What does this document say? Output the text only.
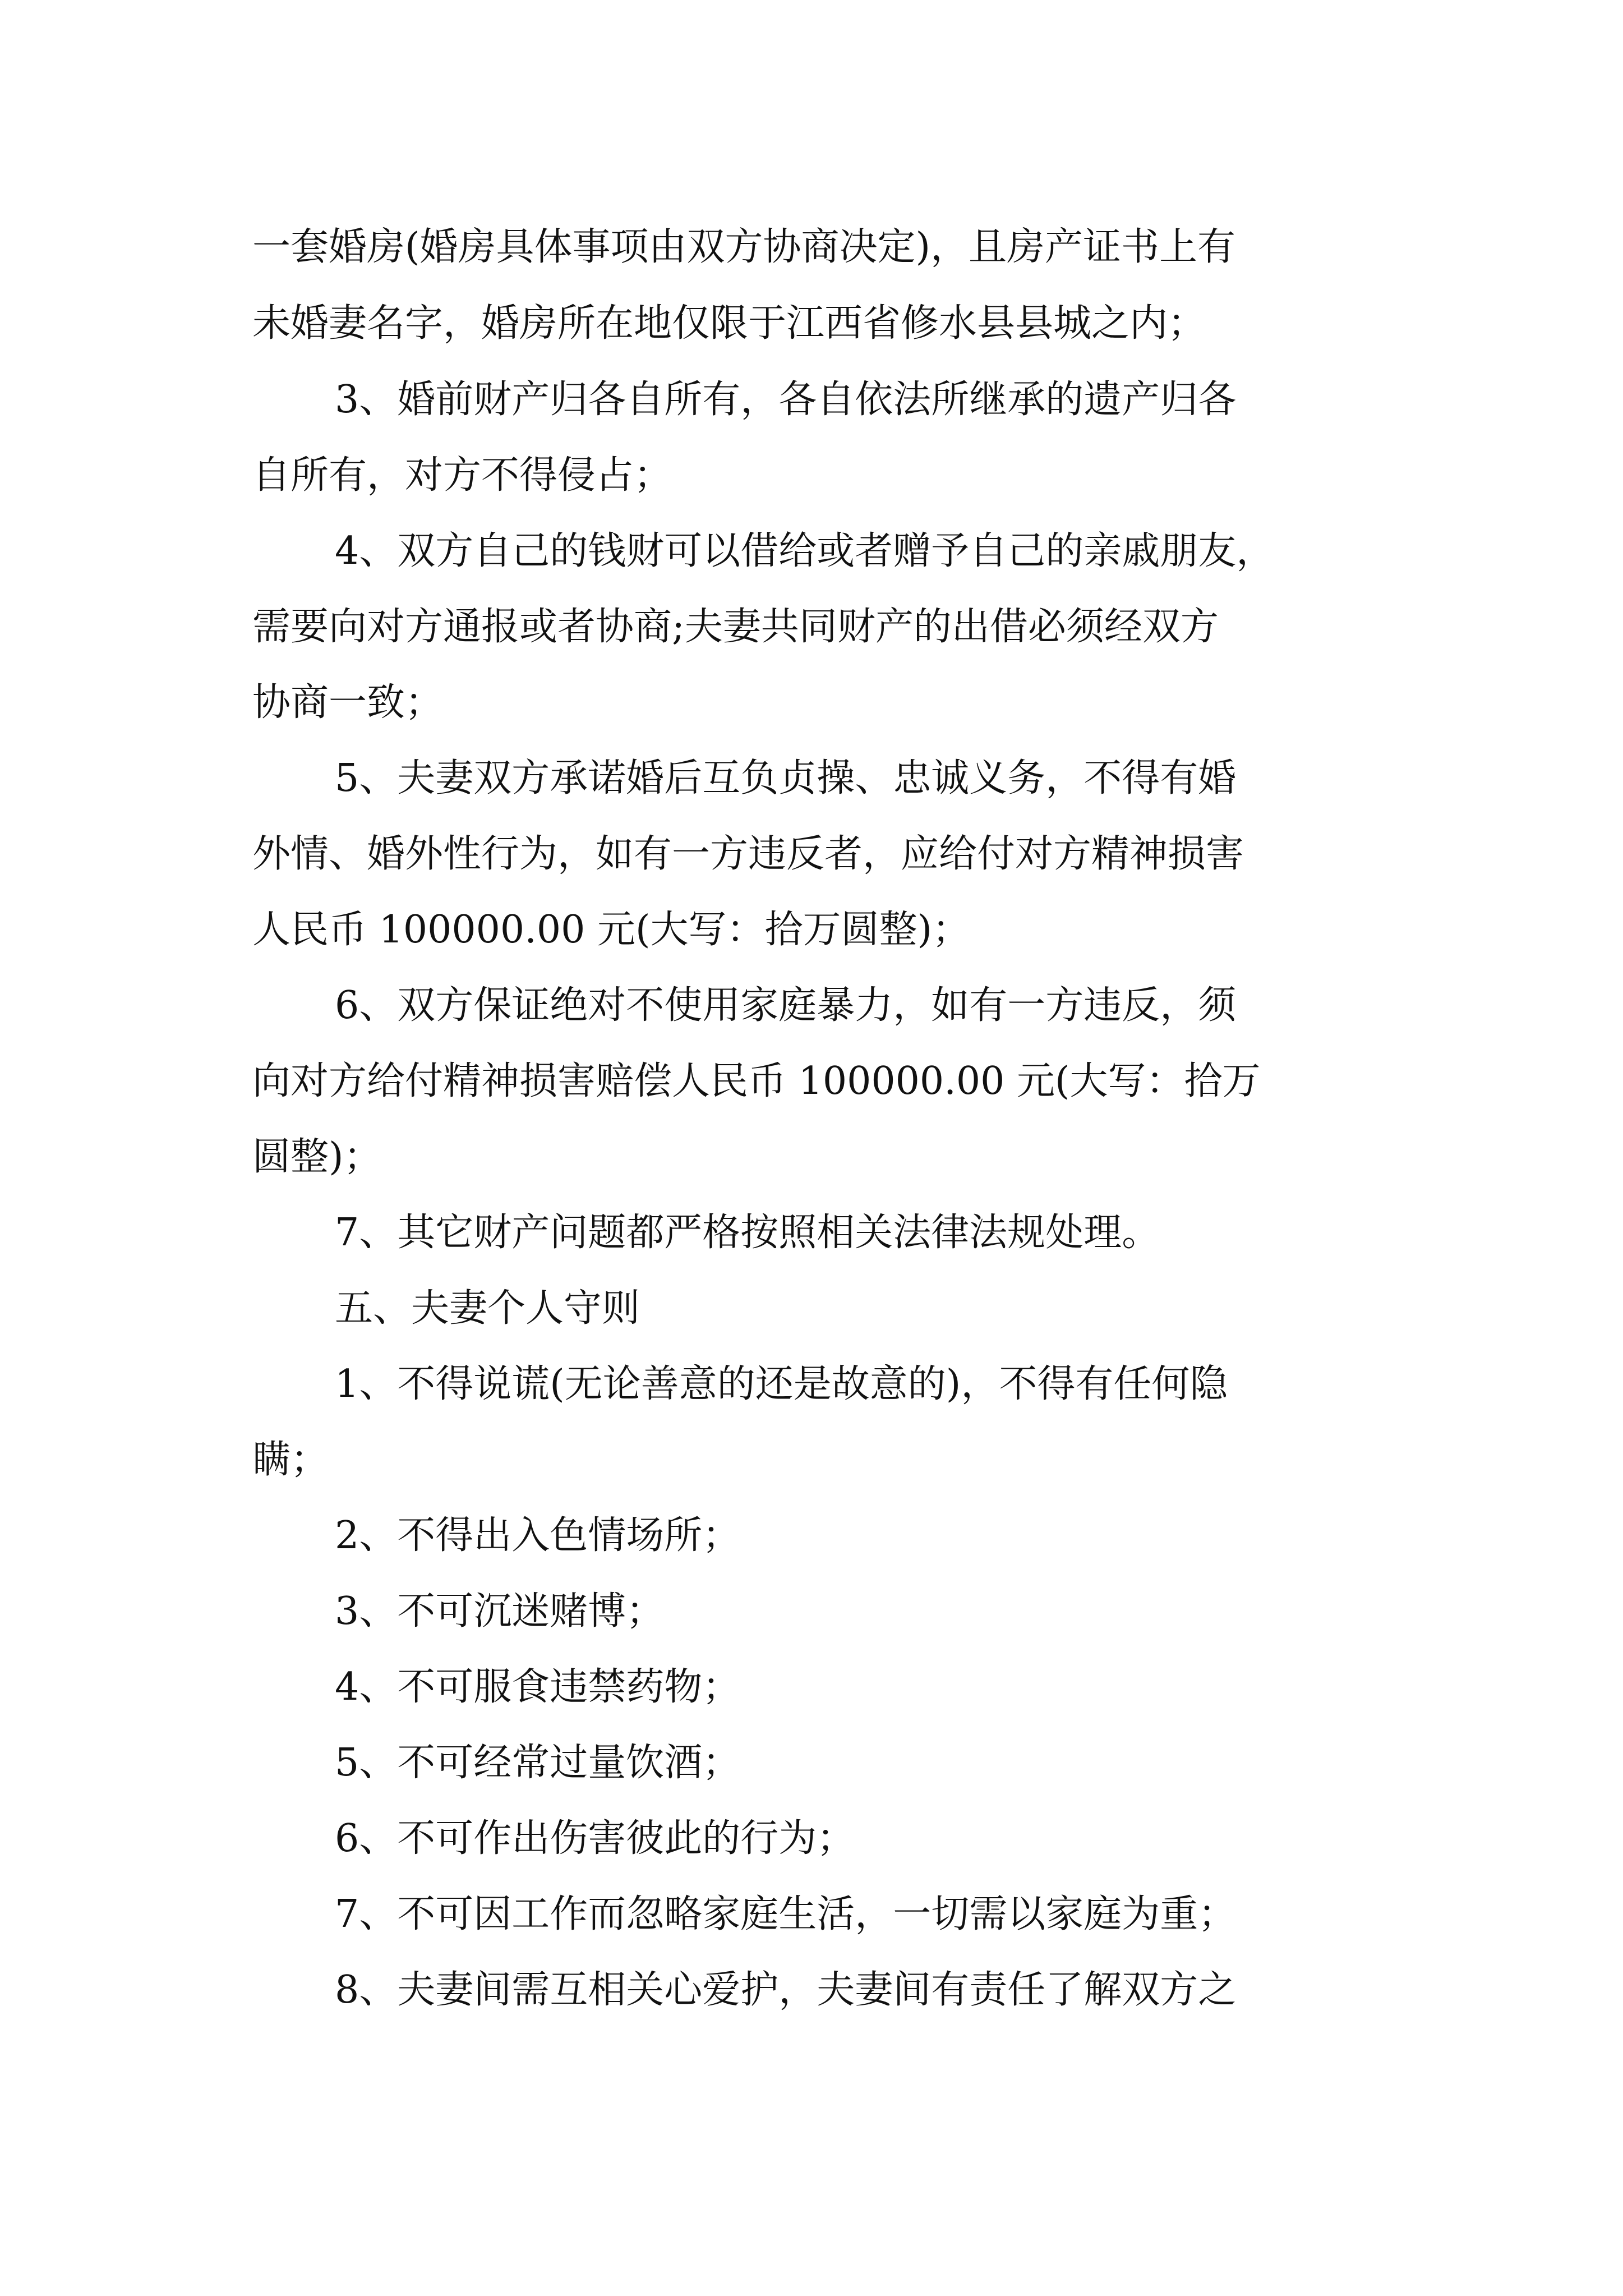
一套婚房(婚房具体事项由双方协商决定)，且房产证书上有
未婚妻名字，婚房所在地仅限于江西省修水县县城之内；
3、婚前财产归各自所有，各自依法所继承的遗产归各
自所有，对方不得侵占；
4、双方自己的钱财可以借给或者赠予自己的亲戚朋友，
需要向对方通报或者协商;夫妻共同财产的出借必须经双方
协商一致；
5、夫妻双方承诺婚后互负贞操、忠诚义务，不得有婚
外情、婚外性行为，如有一方违反者，应给付对方精神损害
人民币 100000.00 元(大写：拾万圆整)；
6、双方保证绝对不使用家庭暴力，如有一方违反，须
向对方给付精神损害赔偿人民币 100000.00 元(大写：拾万
圆整)；
7、其它财产问题都严格按照相关法律法规处理。
五、夫妻个人守则
1、不得说谎(无论善意的还是故意的)，不得有任何隐
瞒；
2、不得出入色情场所；
3、不可沉迷赌博；
4、不可服食违禁药物；
5、不可经常过量饮酒；
6、不可作出伤害彼此的行为；
7、不可因工作而忽略家庭生活，一切需以家庭为重；
8、夫妻间需互相关心爱护，夫妻间有责任了解双方之
